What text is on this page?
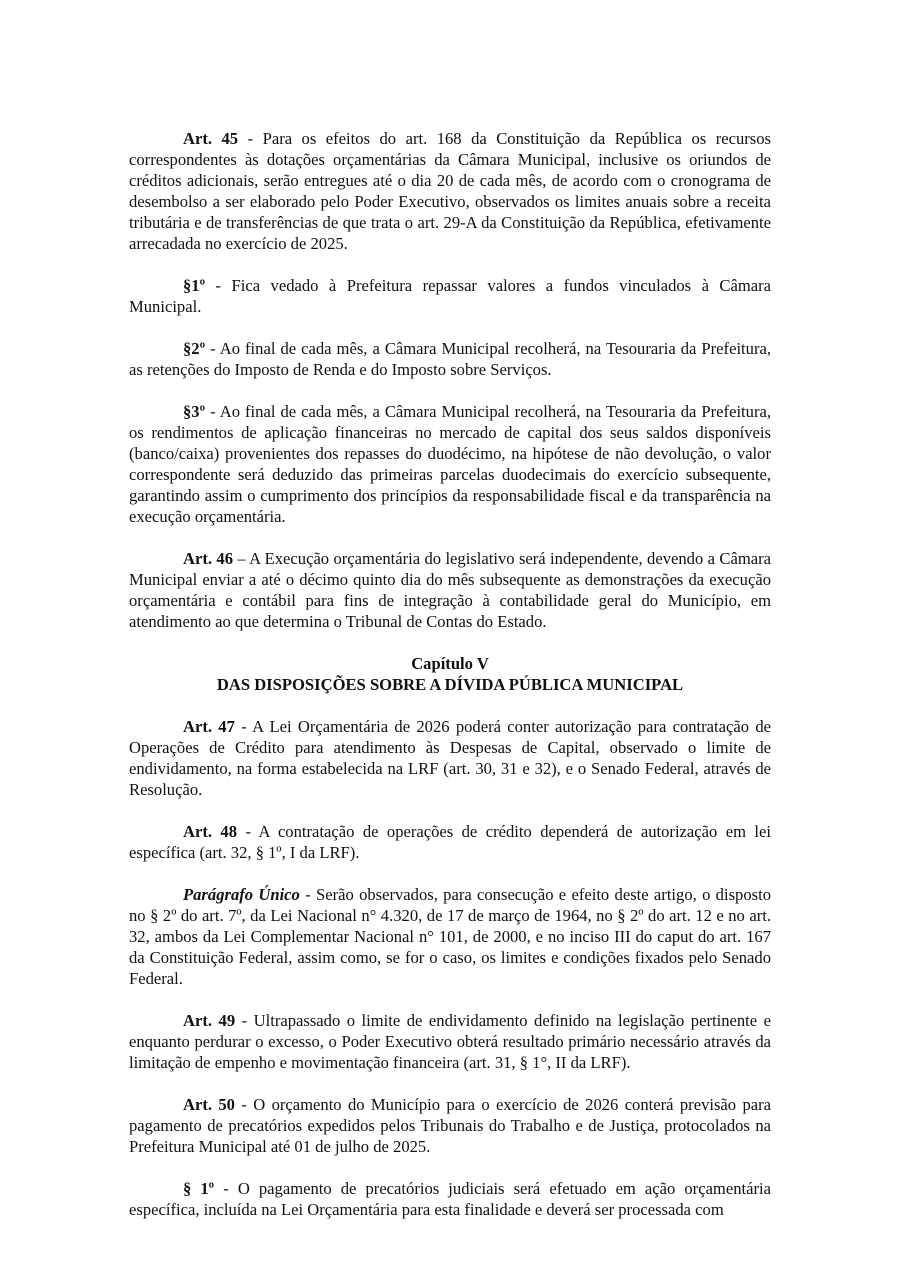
Art. 45 - Para os efeitos do art. 168 da Constituição da República os recursos correspondentes às dotações orçamentárias da Câmara Municipal, inclusive os oriundos de créditos adicionais, serão entregues até o dia 20 de cada mês, de acordo com o cronograma de desembolso a ser elaborado pelo Poder Executivo, observados os limites anuais sobre a receita tributária e de transferências de que trata o art. 29-A da Constituição da República, efetivamente arrecadada no exercício de 2025.

§1º - Fica vedado à Prefeitura repassar valores a fundos vinculados à Câmara Municipal.

§2º - Ao final de cada mês, a Câmara Municipal recolherá, na Tesouraria da Prefeitura, as retenções do Imposto de Renda e do Imposto sobre Serviços.

§3º - Ao final de cada mês, a Câmara Municipal recolherá, na Tesouraria da Prefeitura, os rendimentos de aplicação financeiras no mercado de capital dos seus saldos disponíveis (banco/caixa) provenientes dos repasses do duodécimo, na hipótese de não devolução, o valor correspondente será deduzido das primeiras parcelas duodecimais do exercício subsequente, garantindo assim o cumprimento dos princípios da responsabilidade fiscal e da transparência na execução orçamentária.

Art. 46 – A Execução orçamentária do legislativo será independente, devendo a Câmara Municipal enviar a até o décimo quinto dia do mês subsequente as demonstrações da execução orçamentária e contábil para fins de integração à contabilidade geral do Município, em atendimento ao que determina o Tribunal de Contas do Estado.

Capítulo V
DAS DISPOSIÇÕES SOBRE A DÍVIDA PÚBLICA MUNICIPAL

Art. 47 - A Lei Orçamentária de 2026 poderá conter autorização para contratação de Operações de Crédito para atendimento às Despesas de Capital, observado o limite de endividamento, na forma estabelecida na LRF (art. 30, 31 e 32), e o Senado Federal, através de Resolução.

Art. 48 - A contratação de operações de crédito dependerá de autorização em lei específica (art. 32, § 1º, I da LRF).

Parágrafo Único - Serão observados, para consecução e efeito deste artigo, o disposto no § 2º do art. 7º, da Lei Nacional n° 4.320, de 17 de março de 1964, no § 2º do art. 12 e no art. 32, ambos da Lei Complementar Nacional n° 101, de 2000, e no inciso III do caput do art. 167 da Constituição Federal, assim como, se for o caso, os limites e condições fixados pelo Senado Federal.

Art. 49 - Ultrapassado o limite de endividamento definido na legislação pertinente e enquanto perdurar o excesso, o Poder Executivo obterá resultado primário necessário através da limitação de empenho e movimentação financeira (art. 31, § 1°, II da LRF).

Art. 50 - O orçamento do Município para o exercício de 2026 conterá previsão para pagamento de precatórios expedidos pelos Tribunais do Trabalho e de Justiça, protocolados na Prefeitura Municipal até 01 de julho de 2025.

§ 1º - O pagamento de precatórios judiciais será efetuado em ação orçamentária específica, incluída na Lei Orçamentária para esta finalidade e deverá ser processada com
